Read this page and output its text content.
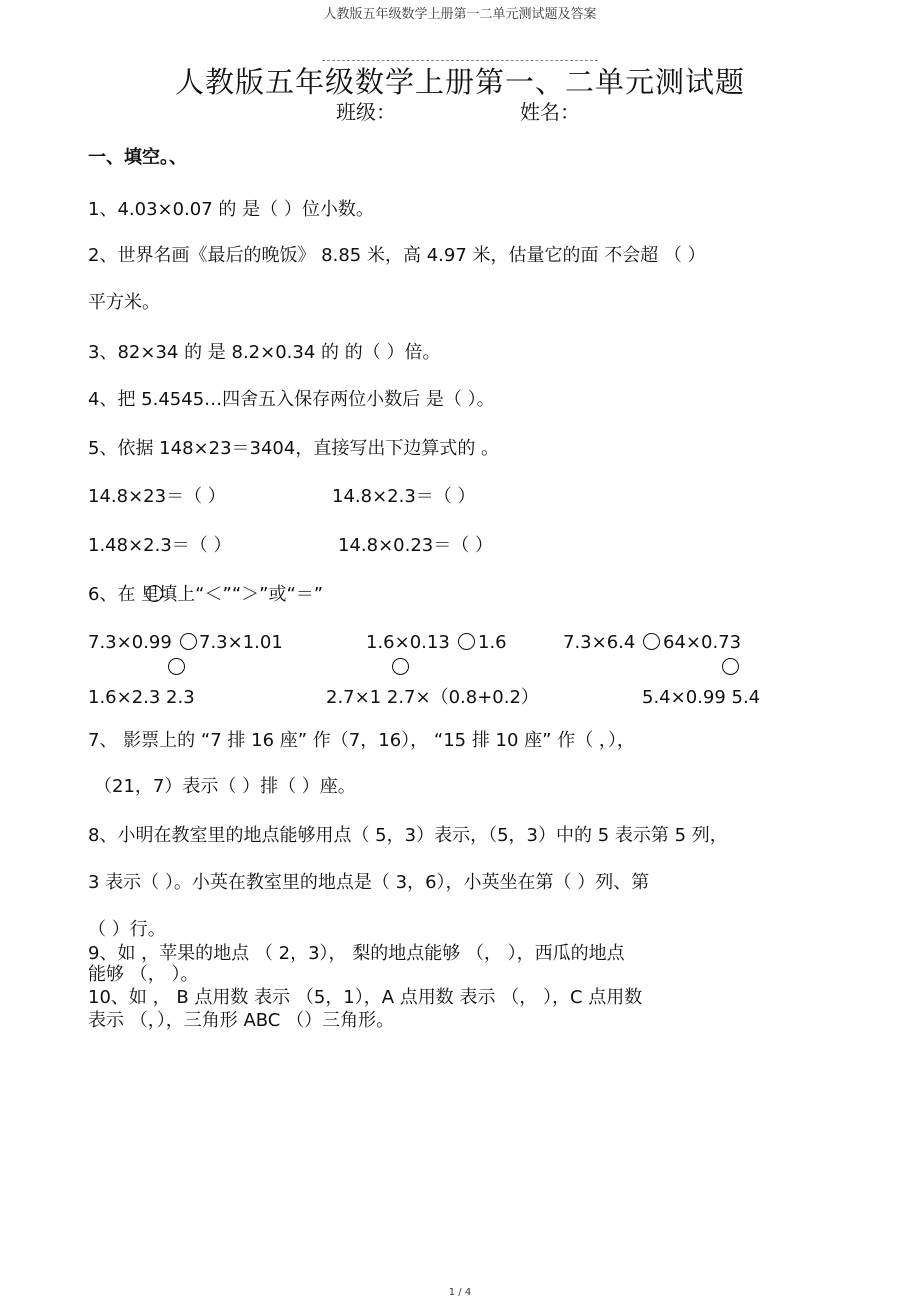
人教版五年级数学上册第一二单元测试题及答案
人教版五年级数学上册第一、二单元测试题
班级：	姓名：
一、填空。、
1、4.03×0.07 的 是（ ）位小数。
2、世界名画《最后的晚饭》 8.85 米，高 4.97 米，估量它的面 不会超 （ ）
平方米。
3、82×34 的 是 8.2×0.34 的 的（ ）倍。
4、把 5.4545…四舍五入保存两位小数后 是（ ）。
5、依据 148×23＝3404，直接写出下边算式的 。
14.8×23＝（ ）	14.8×2.3＝（ ）
1.48×2.3＝（ ）	14.8×0.23＝（ ）
6、在 里填上“＜”“＞”或“＝”
7.3×0.99 7.3×1.01	1.6×0.13 1.6	7.3×6.4 64×0.73
1.6×2.3 2.3	2.7×1 2.7×（0.8+0.2）	5.4×0.99 5.4
7、 影票上的 “7 排 16 座” 作（7，16）， “15 排 10 座” 作（ ，），
（21，7）表示（ ）排（ ）座。
8、小明在教室里的地点能够用点（ 5，3）表示，（5，3）中的 5 表示第 5 列，
3 表示（ ）。小英在教室里的地点是（ 3，6），小英坐在第（ ）列、第
（ ）行。
9、如 ，苹果的地点 （ 2，3）， 梨的地点能够 （， ），西瓜的地点
能够 （， ）。
10、如 ， B 点用数 表示 （5，1），A 点用数 表示 （， ），C 点用数
表示 （，），三角形 ABC （）三角形。
1 / 4
